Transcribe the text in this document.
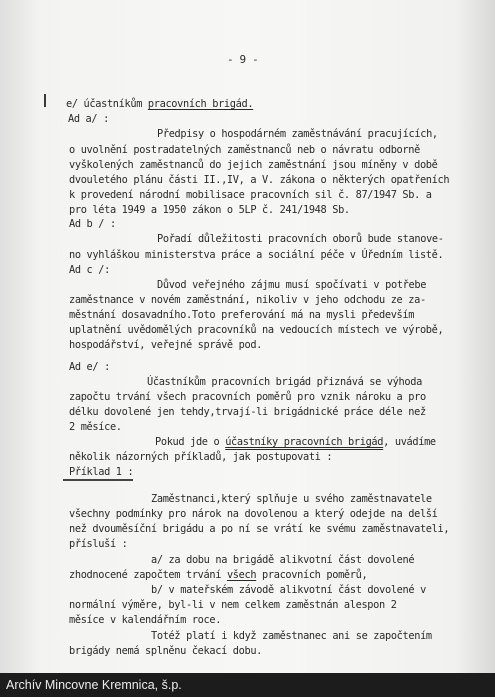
- 9 -
e/ účastníkům pracovních brigád.
Ad a/ :
Předpisy o hospodárném zaměstnávání pracujících,
o uvolnění postradatelných zaměstnanců neb o návratu odborně
vyškolených zaměstnanců do jejich zaměstnání jsou míněny v době
dvouletého plánu části II.,IV, a V. zákona o některých opatřeních
k provedení národní mobilisace pracovních sil č. 87/1947 Sb. a
pro léta 1949 a 1950 zákon o 5LP č. 241/1948 Sb.
Ad b / :
Pořadí důležitosti pracovních oborů bude stanove-
no vyhláškou ministerstva práce a sociální péče v Úředním listě.
Ad c /:
Důvod veřejného zájmu musí spočívati v potřebe
zaměstnance v novém zaměstnání, nikoliv v jeho odchodu ze za-
městnání dosavadního.Toto preferování má na mysli především
uplatnění uvědomělých pracovníků na vedoucích místech ve výrobě,
hospodářství, veřejné správě pod.
Ad e/ :
Účastníkům pracovních brigád přiznává se výhoda
započtu trvání všech pracovních poměrů pro vznik nároku a pro
délku dovolené jen tehdy,trvají-li brigádnické práce déle než
2 měsíce.
Pokud jde o účastníky pracovních brigád, uvádíme
několik názorných příkladů, jak postupovati :
Příklad 1 :
Zaměstnanci,který splňuje u svého zaměstnavatele
všechny podmínky pro nárok na dovolenou a který odejde na delší
než dvouměsíční brigádu a po ní se vrátí ke svému zaměstnavateli,
přísluší :
a/ za dobu na brigádě alikvotní část dovolené
zhodnocené započtem trvání všech pracovních poměrů,
b/ v mateřském závodě alikvotní část dovolené v
normální výměre, byl-li v nem celkem zaměstnán alespon 2
měsíce v kalendářním roce.
Totéž platí i když zaměstnanec ani se započtením
brigády nemá splněnu čekací dobu.
Archív Mincovne Kremnica, š.p.
